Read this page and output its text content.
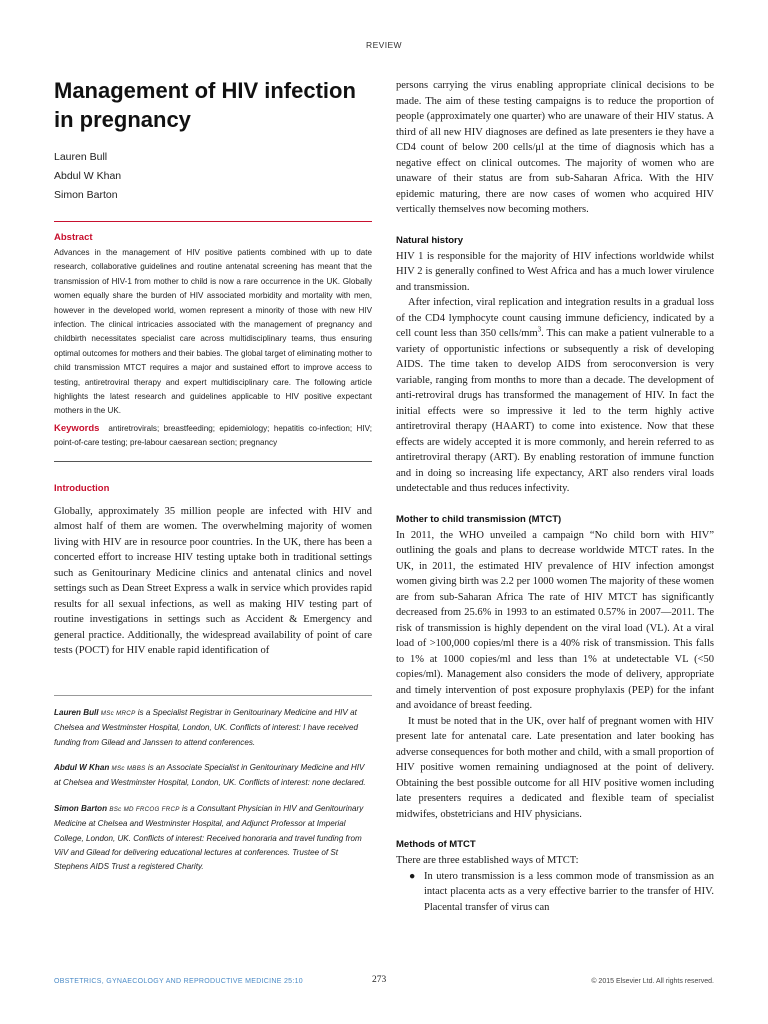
REVIEW
Management of HIV infection
in pregnancy
Lauren Bull
Abdul W Khan
Simon Barton
Abstract

Advances in the management of HIV positive patients combined with up to date research, collaborative guidelines and routine antenatal screening has meant that the transmission of HIV-1 from mother to child is now a rare occurrence in the UK. Globally women equally share the burden of HIV associated morbidity and mortality with men, however in the developed world, women represent a minority of those with new HIV infection. The clinical intricacies associated with the management of pregnancy and childbirth necessitates specialist care across multidisciplinary teams, thus ensuring optimal outcomes for mothers and their babies. The global target of eliminating mother to child transmission MTCT requires a major and sustained effort to improve access to testing, antiretroviral therapy and expert multidisciplinary care. The following article highlights the latest research and guidelines applicable to HIV positive expectant mothers in the UK.

Keywords antiretrovirals; breastfeeding; epidemiology; hepatitis co-infection; HIV; point-of-care testing; pre-labour caesarean section; pregnancy

Introduction

Globally, approximately 35 million people are infected with HIV and almost half of them are women. The overwhelming majority of women living with HIV are in resource poor countries. In the UK, there has been a concerted effort to increase HIV testing uptake both in traditional settings such as Genitourinary Medicine clinics and antenatal clinics and novel settings such as Dean Street Express a walk in service which provides rapid results for all sexual infections, as well as making HIV testing part of routine investigations in settings such as Accident & Emergency and general practice. Additionally, the widespread availability of point of care tests (POCT) for HIV enable rapid identification of

Lauren Bull MSc MRCP is a Specialist Registrar in Genitourinary Medicine and HIV at Chelsea and Westminster Hospital, London, UK. Conflicts of interest: I have received funding from Gilead and Janssen to attend conferences.

Abdul W Khan MSc MBBS is an Associate Specialist in Genitourinary Medicine and HIV at Chelsea and Westminster Hospital, London, UK. Conflicts of interest: none declared.

Simon Barton BSc MD FRCOG FRCP is a Consultant Physician in HIV and Genitourinary Medicine at Chelsea and Westminster Hospital, and Adjunct Professor at Imperial College, London, UK. Conflicts of interest: Received honoraria and travel funding from ViiV and Gilead for delivering educational lectures at conferences. Trustee of St Stephens AIDS Trust a registered Charity.

persons carrying the virus enabling appropriate clinical decisions to be made. The aim of these testing campaigns is to reduce the proportion of people (approximately one quarter) who are unaware of their HIV status. A third of all new HIV diagnoses are defined as late presenters ie they have a CD4 count of below 200 cells/μl at the time of diagnosis which has a negative effect on clinical outcomes. The majority of women who are unaware of their status are from sub-Saharan Africa. With the HIV epidemic maturing, there are now cases of women who acquired HIV vertically themselves now becoming mothers.

Natural history

HIV 1 is responsible for the majority of HIV infections worldwide whilst HIV 2 is generally confined to West Africa and has a much lower virulence and transmission.

After infection, viral replication and integration results in a gradual loss of the CD4 lymphocyte count causing immune deficiency, indicated by a cell count less than 350 cells/$mm^3$. This can make a patient vulnerable to a variety of opportunistic infections or subsequently a risk of developing AIDS. The time taken to develop AIDS from seroconversion is very variable, ranging from months to more than a decade. The development of anti-retroviral drugs has transformed the management of HIV. In fact the initial effects were so impressive it led to the term highly active antiretroviral therapy (HAART) to come into existence. Now that these effects are widely accepted it is more commonly, and herein referred to as antiretroviral therapy (ART). By enabling restoration of immune function and in doing so increasing life expectancy, ART also renders viral loads undetectable and thus reduces infectivity.

Mother to child transmission (MTCT)

In 2011, the WHO unveiled a campaign “No child born with HIV” outlining the goals and plans to decrease worldwide MTCT rates. In the UK, in 2011, the estimated HIV prevalence of HIV infection amongst women giving birth was 2.2 per 1000 women The majority of these women are from sub-Saharan Africa The rate of HIV MTCT has significantly decreased from 25.6% in 1993 to an estimated 0.57% in 2007—2011. The risk of transmission is highly dependent on the viral load (VL). At a viral load of >100,000 copies/ml there is a 40% risk of transmission. This falls to 1% at 1000 copies/ml and less than 1% at undetectable VL (<50 copies/ml). Management also considers the mode of delivery, appropriate and timely intervention of post exposure prophylaxis (PEP) for the infant and avoidance of breast feeding.

It must be noted that in the UK, over half of pregnant women with HIV present late for antenatal care. Late presentation and later booking has adverse consequences for both mother and child, with a small proportion of HIV positive women remaining undiagnosed at the point of delivery. Obtaining the best possible outcome for all HIV positive women including late presenters requires a dedicated and flexible team of specialist midwifes, obstetricians and HIV physicians.

Methods of MTCT

There are three established ways of MTCT:

● In utero transmission is a less common mode of transmission as an intact placenta acts as a very effective barrier to the transfer of HIV. Placental transfer of virus can
OBSTETRICS, GYNAECOLOGY AND REPRODUCTIVE MEDICINE 25:10	273	© 2015 Elsevier Ltd. All rights reserved.
